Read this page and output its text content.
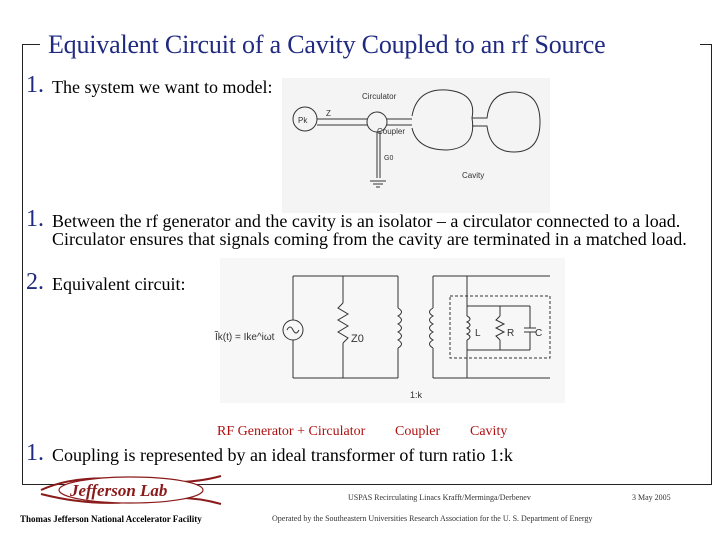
Equivalent Circuit of a Cavity Coupled to an rf Source
1. The system we want to model:
Pk
Z
Circulator
Coupler
G0
Cavity
1. Between the rf generator and the cavity is an isolator – a circulator connected to a load. Circulator ensures that signals coming from the cavity are terminated in a matched load.
2. Equivalent circuit:
Ĩk(t) = Ike^iωt	Z0	L	R C
1:k
RF Generator + Circulator Coupler Cavity
1. Coupling is represented by an ideal transformer of turn ratio 1:k
Jefferson Lab	USPAS Recirculating Linacs Krafft/Merminga/Derbenev	3 May 2005
Thomas Jefferson National Accelerator Facility	Operated by the Southeastern Universities Research Association for the U. S. Department of Energy
